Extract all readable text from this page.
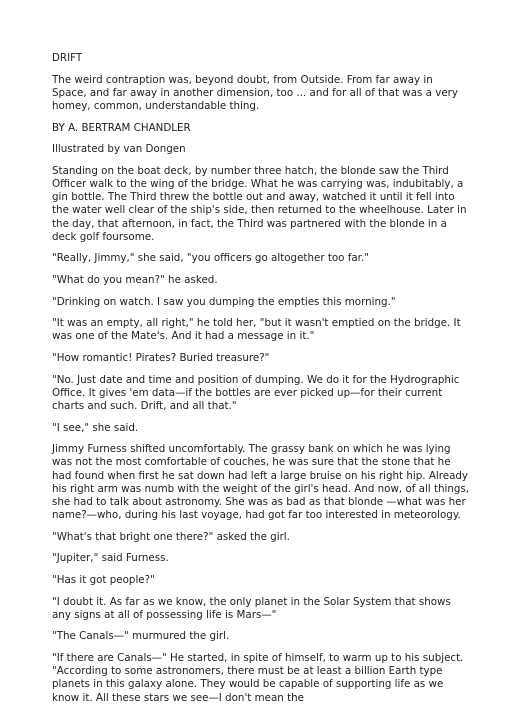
DRIFT

The weird contraption was, beyond doubt, from Outside. From far away in Space, and far away in another dimension, too ... and for all of that was a very homey, common, understandable thing.

BY A. BERTRAM CHANDLER

Illustrated by van Dongen

Standing on the boat deck, by number three hatch, the blonde saw the Third Officer walk to the wing of the bridge. What he was carrying was, indubitably, a gin bottle. The Third threw the bottle out and away, watched it until it fell into the water well clear of the ship's side, then returned to the wheelhouse. Later in the day, that afternoon, in fact, the Third was partnered with the blonde in a deck golf foursome.

"Really, Jimmy," she said, "you officers go altogether too far."

"What do you mean?" he asked.

"Drinking on watch. I saw you dumping the empties this morning."

"It was an empty, all right," he told her, "but it wasn't emptied on the bridge. It was one of the Mate's. And it had a message in it."

"How romantic! Pirates? Buried treasure?"

"No. Just date and time and position of dumping. We do it for the Hydrographic Office. It gives 'em data—if the bottles are ever picked up—for their current charts and such. Drift, and all that."

"I see," she said.

Jimmy Furness shifted uncomfortably. The grassy bank on which he was lying was not the most comfortable of couches, he was sure that the stone that he had found when first he sat down had left a large bruise on his right hip. Already his right arm was numb with the weight of the girl's head. And now, of all things, she had to talk about astronomy. She was as bad as that blonde —what was her name?—who, during his last voyage, had got far too interested in meteorology.

"What's that bright one there?" asked the girl.

"Jupiter," said Furness.

"Has it got people?"

"I doubt it. As far as we know, the only planet in the Solar System that shows any signs at all of possessing life is Mars—"

"The Canals—" murmured the girl.

"If there are Canals—" He started, in spite of himself, to warm up to his subject. "According to some astronomers, there must be at least a billion Earth type planets in this galaxy alone. They would be capable of supporting life as we know it. All these stars we see—I don't mean the
